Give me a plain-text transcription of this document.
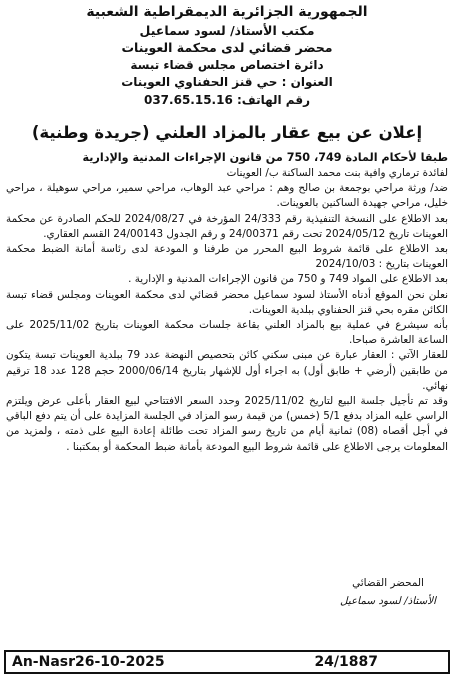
الجمهورية الجزائرية الديمقراطية الشعبية
مكتب الأستاذ/ لسود سماعيل
محضر قضائي لدى محكمة العوينات
دائرة اختصاص مجلس قضاء تبسة
العنوان : حي قنز الحفناوي العوينات
رقم الهاتف: 037.65.15.16
إعلان عن بيع عقار بالمزاد العلني (جريدة وطنية)
طبقا لأحكام المادة 749، 750 من قانون الإجراءات المدنية والإدارية
لفائدة ترماري وافية بنت محمد الساكنة ب/ العوينات
ضد/ ورثة مراحي بوجمعة بن صالح وهم : مراحي عبد الوهاب، مراحي سمير، مراحي سوهيلة ، مراحي خليل، مراحي جهيدة الساكنين بالعوينات.
بعد الاطلاع على النسخة التنفيذية رقم 24/333 المؤرخة في 2024/08/27 للحكم الصادرة عن محكمة العوينات تاريخ 2024/05/12 تحت رقم 24/00371 و رقم الجدول 24/00143 القسم العقاري.
بعد الاطلاع على قائمة شروط البيع المحرر من طرفنا و المودعة لدى رئاسة أمانة الضبط محكمة العوينات بتاريخ : 2024/10/03
بعد الاطلاع على المواد 749 و 750 من قانون الإجراءات المدنية و الإدارية .
نعلن نحن الموقع أدناه الأستاذ لسود سماعيل محضر قضائي لدى محكمة العوينات ومجلس قضاء تبسة الكائن مقره بحي قنز الحفناوي ببلدية العوينات.
بأنه سيشرع في عملية بيع بالمزاد العلني بقاعة جلسات محكمة العوينات بتاريخ 2025/11/02 على الساعة العاشرة صباحا.
للعقار الآتي : العقار عبارة عن مبنى سكني كائن بتحصيص النهضة عدد 79 ببلدية العوينات تبسة يتكون من طابقين (أرضي + طابق أول) به اجراء أول للإشهار بتاريخ 2000/06/14 حجم 128 عدد 18 ترقيم نهائي.
وقد تم تأجيل جلسة البيع لتاريخ 2025/11/02 وحدد السعر الافتتاحي لبيع العقار بأعلى عرض ويلتزم الراسي عليه المزاد بدفع 5/1 (خمس) من قيمة رسو المزاد في الجلسة المزايدة على أن يتم دفع الباقي في أجل أقصاه (08) ثمانية أيام من تاريخ رسو المزاد تحت طائلة إعادة البيع على ذمته ، ولمزيد من المعلومات يرجى الاطلاع على قائمة شروط البيع المودعة بأمانة ضبط المحكمة أو بمكتبنا .
المحضر القضائي
الأستاذ/ لسود سماعيل
An-Nasr26-10-2025	24/1887
